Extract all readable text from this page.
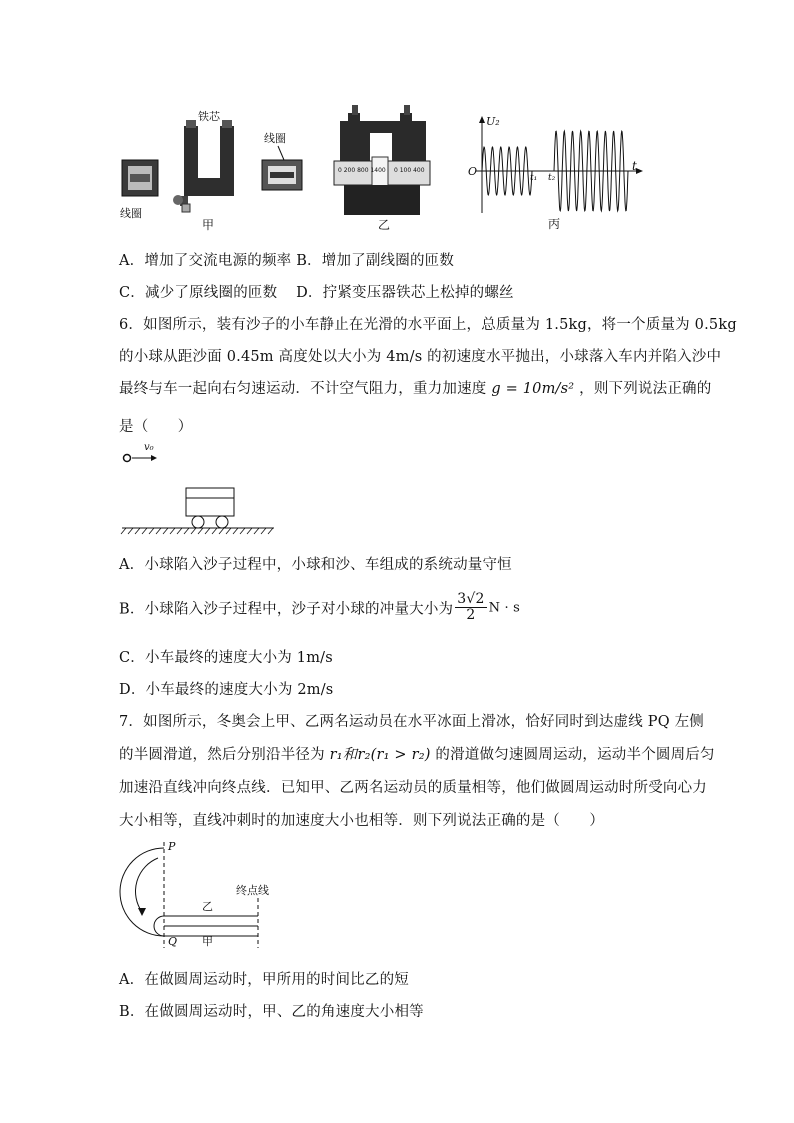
铁芯
线圈
甲
线圈
0 200 800 1400 0 100 400
乙
U₂
O	t₁ t₂
t
丙
A．增加了交流电源的频率 B．增加了副线圈的匝数
C．减少了原线圈的匝数 D．拧紧变压器铁芯上松掉的螺丝
6．如图所示，装有沙子的小车静止在光滑的水平面上，总质量为 1.5kg，将一个质量为 0.5kg
的小球从距沙面 0.45m 高度处以大小为 4m/s 的初速度水平抛出，小球落入车内并陷入沙中
最终与车一起向右匀速运动．不计空气阻力，重力加速度 g = 10m/s² ，则下列说法正确的
是（　　）
v₀
A．小球陷入沙子过程中，小球和沙、车组成的系统动量守恒
B．小球陷入沙子过程中，沙子对小球的冲量大小为 $\frac{3√2}{2}$ N · s
C．小车最终的速度大小为 1m/s
D．小车最终的速度大小为 2m/s
7．如图所示，冬奥会上甲、乙两名运动员在水平冰面上滑冰，恰好同时到达虚线 PQ 左侧
的半圆滑道，然后分别沿半径为 r₁和r₂(r₁ > r₂) 的滑道做匀速圆周运动，运动半个圆周后匀
加速沿直线冲向终点线．已知甲、乙两名运动员的质量相等，他们做圆周运动时所受向心力
大小相等，直线冲刺时的加速度大小也相等．则下列说法正确的是（　　）
P
Q
乙
甲
终点线
A．在做圆周运动时，甲所用的时间比乙的短
B．在做圆周运动时，甲、乙的角速度大小相等
